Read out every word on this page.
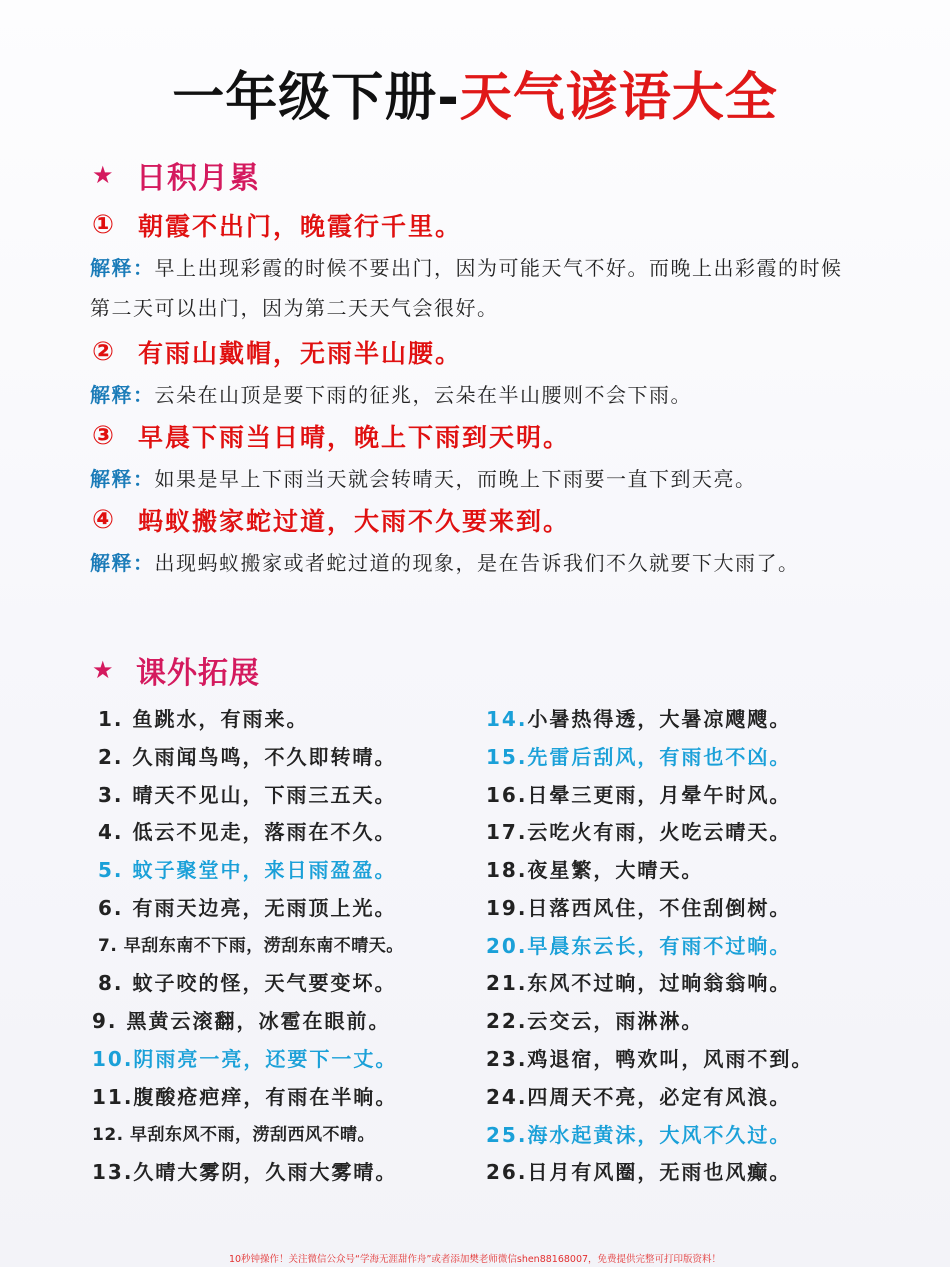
一年级下册-天气谚语大全
★ 日积月累
① 朝霞不出门，晚霞行千里。
解释：早上出现彩霞的时候不要出门，因为可能天气不好。而晚上出彩霞的时候第二天可以出门，因为第二天天气会很好。
② 有雨山戴帽，无雨半山腰。
解释：云朵在山顶是要下雨的征兆，云朵在半山腰则不会下雨。
③ 早晨下雨当日晴，晚上下雨到天明。
解释：如果是早上下雨当天就会转晴天，而晚上下雨要一直下到天亮。
④ 蚂蚁搬家蛇过道，大雨不久要来到。
解释：出现蚂蚁搬家或者蛇过道的现象，是在告诉我们不久就要下大雨了。
★ 课外拓展
1. 鱼跳水，有雨来。
2. 久雨闻鸟鸣，不久即转晴。
3. 晴天不见山，下雨三五天。
4. 低云不见走，落雨在不久。
5. 蚊子聚堂中，来日雨盈盈。
6. 有雨天边亮，无雨顶上光。
7. 早刮东南不下雨，涝刮东南不晴天。
8. 蚊子咬的怪，天气要变坏。
9. 黑黄云滚翻，冰雹在眼前。
10.阴雨亮一亮，还要下一丈。
11.腹酸疮疤痒，有雨在半晌。
12. 早刮东风不雨，涝刮西风不晴。
13.久晴大雾阴，久雨大雾晴。
14.小暑热得透，大暑凉飕飕。
15.先雷后刮风，有雨也不凶。
16.日晕三更雨，月晕午时风。
17.云吃火有雨，火吃云晴天。
18.夜星繁，大晴天。
19.日落西风住，不住刮倒树。
20.早晨东云长，有雨不过晌。
21.东风不过晌，过晌翁翁响。
22.云交云，雨淋淋。
23.鸡退宿，鸭欢叫，风雨不到。
24.四周天不亮，必定有风浪。
25.海水起黄沫，大风不久过。
26.日月有风圈，无雨也风癫。
10秒钟操作！关注微信公众号“学海无涯甜作舟”或者添加樊老师微信shen88168007，免费提供完整可打印版资料！
